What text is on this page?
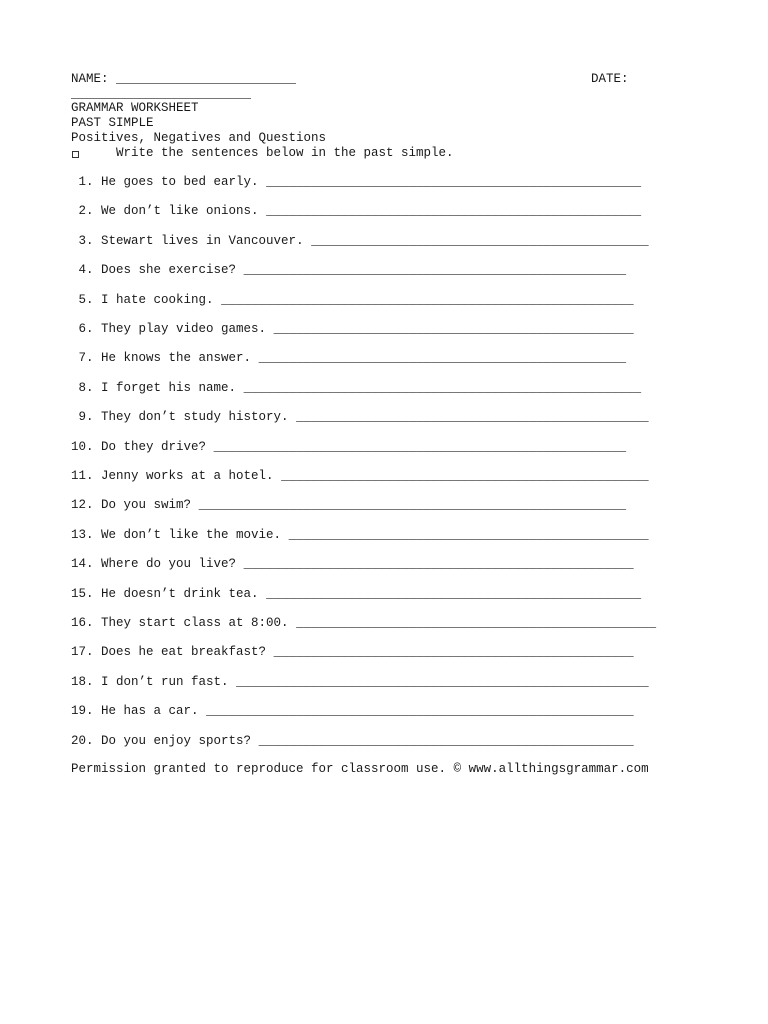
NAME: ________________________	DATE:
________________________
GRAMMAR WORKSHEET
PAST SIMPLE
Positives, Negatives and Questions
Write the sentences below in the past simple.
1. He goes to bed early. __________________________________________________
2. We don’t like onions. __________________________________________________
3. Stewart lives in Vancouver. _____________________________________________
4. Does she exercise? ___________________________________________________
5. I hate cooking. _______________________________________________________
6. They play video games. ________________________________________________
7. He knows the answer. _________________________________________________
8. I forget his name. _____________________________________________________
9. They don’t study history. _______________________________________________
10. Do they drive? _______________________________________________________
11. Jenny works at a hotel. _________________________________________________
12. Do you swim? _________________________________________________________
13. We don’t like the movie. ________________________________________________
14. Where do you live? ____________________________________________________
15. He doesn’t drink tea. __________________________________________________
16. They start class at 8:00. ________________________________________________
17. Does he eat breakfast? ________________________________________________
18. I don’t run fast. _______________________________________________________
19. He has a car. _________________________________________________________
20. Do you enjoy sports? __________________________________________________
Permission granted to reproduce for classroom use. © www.allthingsgrammar.com
